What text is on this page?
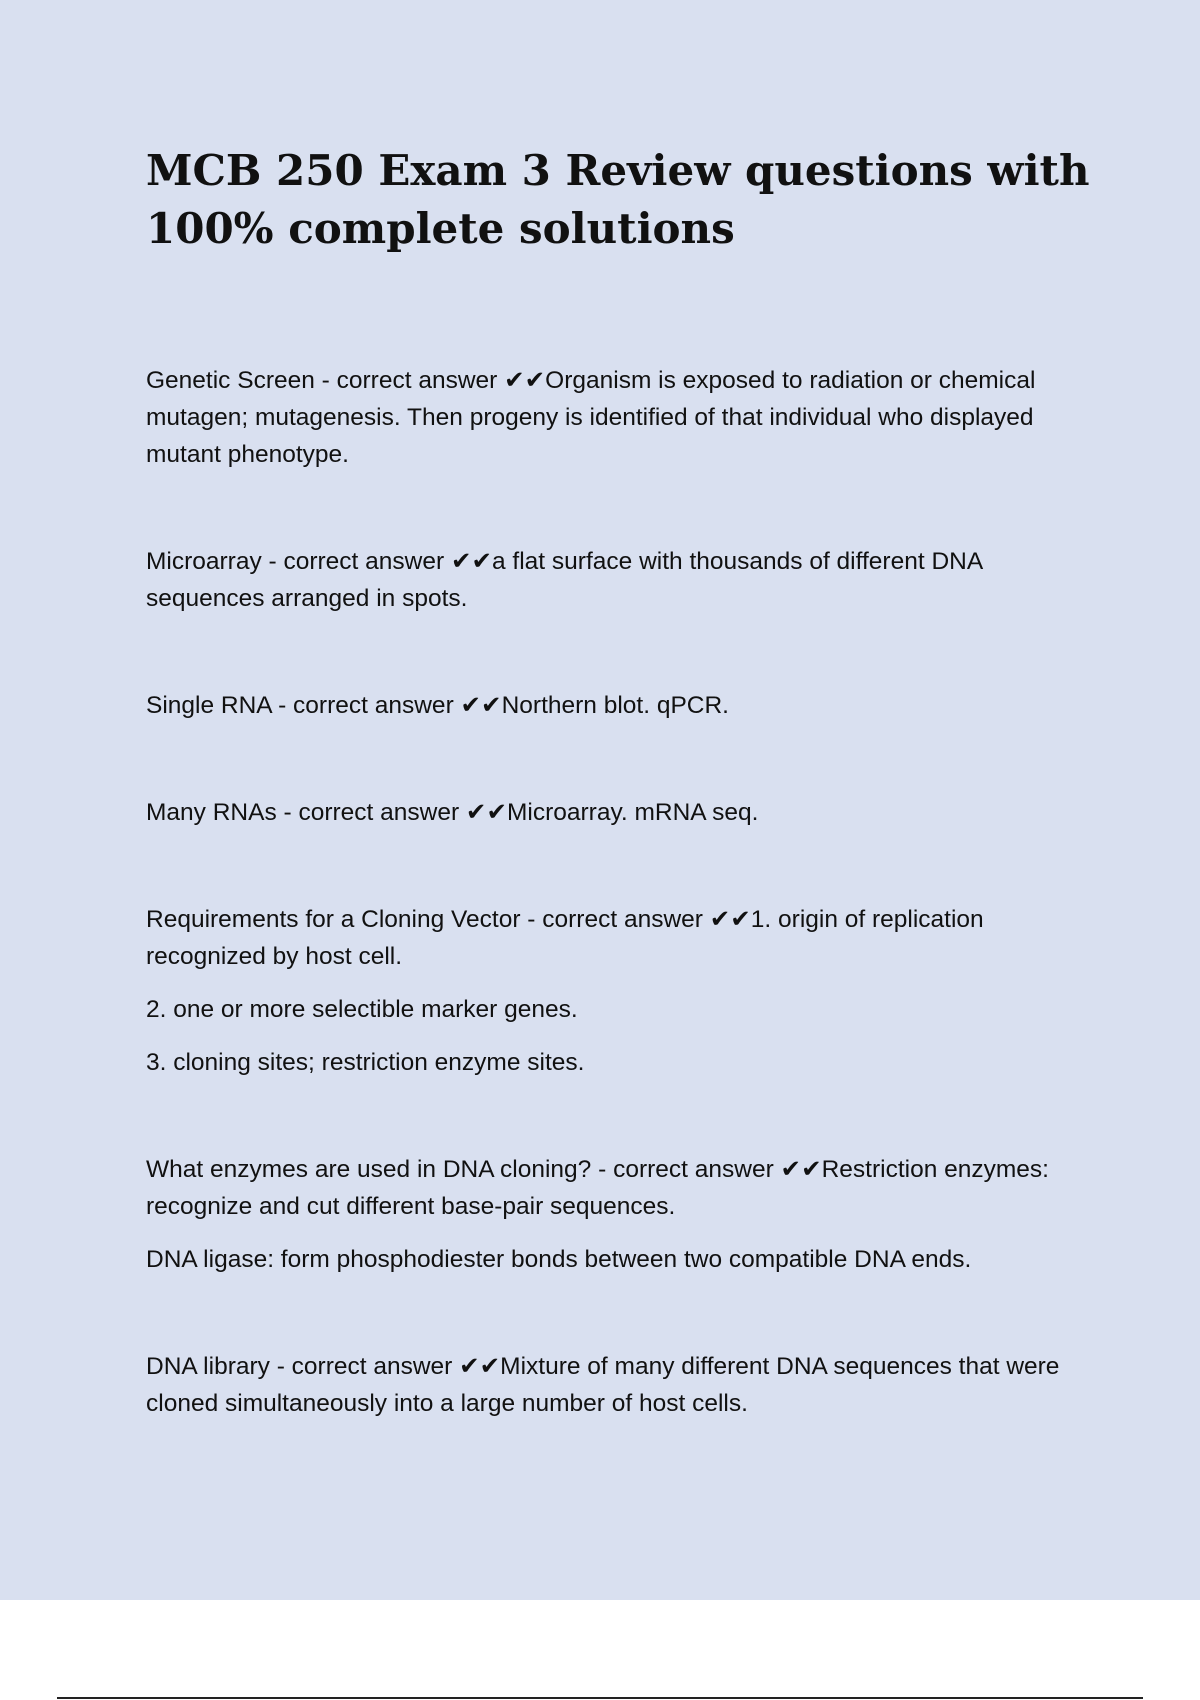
MCB 250 Exam 3 Review questions with 100% complete solutions

Genetic Screen - correct answer ✔✔Organism is exposed to radiation or chemical mutagen; mutagenesis. Then progeny is identified of that individual who displayed mutant phenotype.

Microarray - correct answer ✔✔a flat surface with thousands of different DNA sequences arranged in spots.

Single RNA - correct answer ✔✔Northern blot. qPCR.

Many RNAs - correct answer ✔✔Microarray. mRNA seq.

Requirements for a Cloning Vector - correct answer ✔✔1. origin of replication recognized by host cell.

2. one or more selectible marker genes.

3. cloning sites; restriction enzyme sites.

What enzymes are used in DNA cloning? - correct answer ✔✔Restriction enzymes: recognize and cut different base-pair sequences.

DNA ligase: form phosphodiester bonds between two compatible DNA ends.

DNA library - correct answer ✔✔Mixture of many different DNA sequences that were cloned simultaneously into a large number of host cells.
